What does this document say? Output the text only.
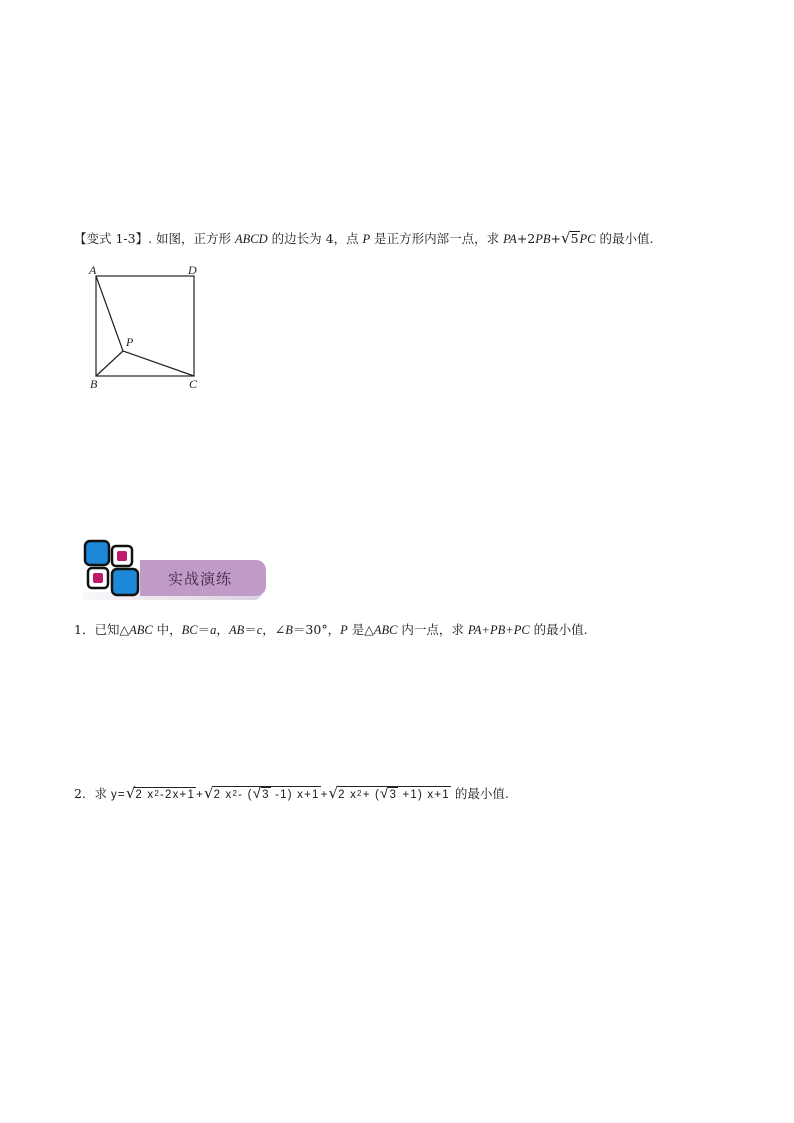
【变式 1-3】. 如图，正方形 ABCD 的边长为 4，点 P 是正方形内部一点，求 PA+2PB+√5PC 的最小值.
A	D
P
B	C
实战演练
1．已知△ABC 中，BC＝a，AB＝c，∠B＝30°，P 是△ABC 内一点，求 PA+PB+PC 的最小值.
2．求 y=√2 $x^2-2x+1+√2$ $x^2-$ (√3 -1) x+1+√2 $x^2+ (√3 +1)$ x+1 的最小值.
